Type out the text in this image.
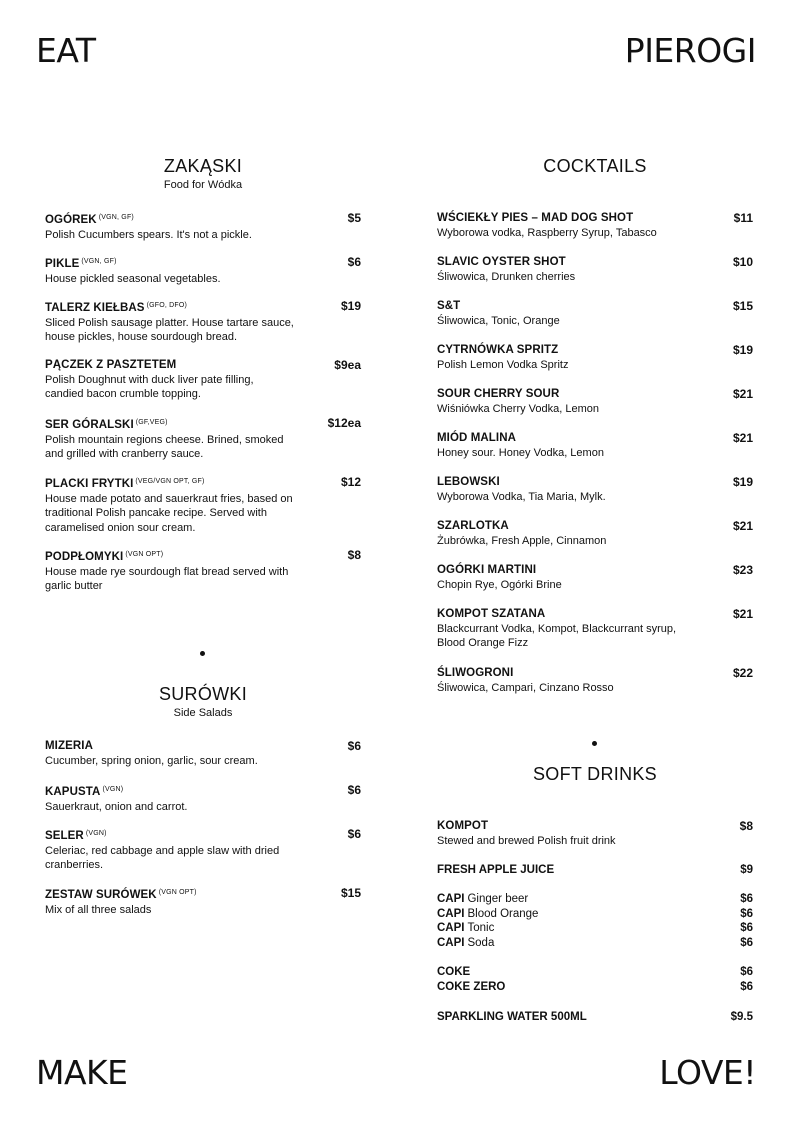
EAT	PIEROGI
MAKE	LOVE!
ZAKĄSKI
Food for Wódka
OGÓREK $^{(VGN, GF)}$
Polish Cucumbers spears. It's not a pickle.
$5
PIKLE $^{(VGN, GF)}$
House pickled seasonal vegetables.
$6
TALERZ KIEŁBAS $^{(GFO, DFO)}$
Sliced Polish sausage platter. House tartare sauce, house pickles, house sourdough bread.
$19
PĄCZEK Z PASZTETEM
Polish Doughnut with duck liver pate filling, candied bacon crumble topping.
$9ea
SER GÓRALSKI $^{(GF,VEG)}$
Polish mountain regions cheese. Brined, smoked and grilled with cranberry sauce.
$12ea
PLACKI FRYTKI $^{(VEG/VGN OPT, GF)}$
House made potato and sauerkraut fries, based on traditional Polish pancake recipe. Served with caramelised onion sour cream.
$12
PODPŁOMYKI $^{(VGN OPT)}$
House made rye sourdough flat bread served with garlic butter
$8
SURÓWKI
Side Salads
MIZERIA
Cucumber, spring onion, garlic, sour cream.
$6
KAPUSTA $^{(VGN)}$
Sauerkraut, onion and carrot.
$6
SELER $^{(VGN)}$
Celeriac, red cabbage and apple slaw with dried cranberries.
$6
ZESTAW SURÓWEK $^{(VGN OPT)}$
Mix of all three salads
$15
COCKTAILS
WŚCIEKŁY PIES – MAD DOG SHOT
Wyborowa vodka, Raspberry Syrup, Tabasco
$11
SLAVIC OYSTER SHOT
Śliwowica, Drunken cherries
$10
S&T
Śliwowica, Tonic, Orange
$15
CYTRNÓWKA SPRITZ
Polish Lemon Vodka Spritz
$19
SOUR CHERRY SOUR
Wiśniówka Cherry Vodka, Lemon
$21
MIÓD MALINA
Honey sour. Honey Vodka, Lemon
$21
LEBOWSKI
Wyborowa Vodka, Tia Maria, Mylk.
$19
SZARLOTKA
Żubrówka, Fresh Apple, Cinnamon
$21
OGÓRKI MARTINI
Chopin Rye, Ogórki Brine
$23
KOMPOT SZATANA
Blackcurrant Vodka, Kompot, Blackcurrant syrup, Blood Orange Fizz
$21
ŚLIWOGRONI
Śliwowica, Campari, Cinzano Rosso
$22
SOFT DRINKS
KOMPOT
Stewed and brewed Polish fruit drink
$8
FRESH APPLE JUICE	$9
CAPI Ginger beer	$6
CAPI Blood Orange	$6
CAPI Tonic	$6
CAPI Soda	$6
COKE	$6
COKE ZERO	$6
SPARKLING WATER 500ML	$9.5
